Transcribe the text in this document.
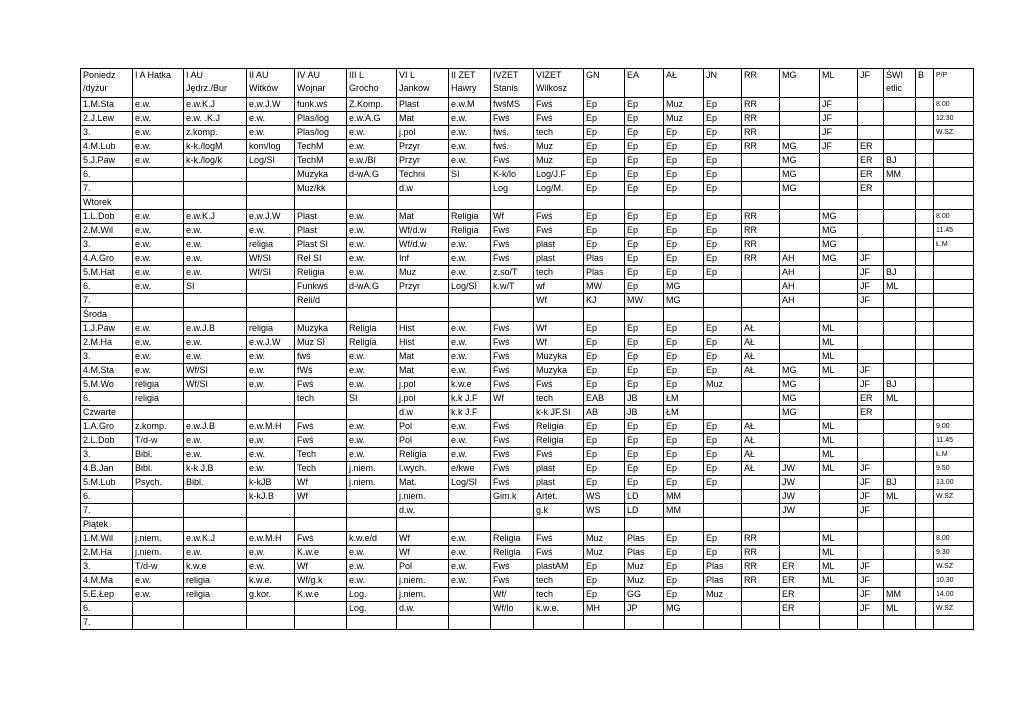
Poniedz /dyżur	I A Hatka	I AU Jędrz./Bur	II AU Witków	IV AU Wojnar	III L Grocho	VI L Jankow	II ZET Hawry	IVZET Stanis	VIZET Wilkosz	GN	EA	AŁ	JN	RR	MG	ML	JF	ŚWI etlic	B	P/P
1.M.Sta	e.w.	e.w.K.J	e.w.J.W	funk.wś	Z.Komp.	Plast	e.w.M	fwśMS	Fwś	Ep	Ep	Muz	Ep	RR		JF				8.00
2.J.Lew	e.w.	e.w. .K.J	e.w.	Plas/log	e.w.A.G	Mat	e.w.	Fwś	Fwś	Ep	Ep	Muz	Ep	RR		JF				12.30
3.	e.w.	z.komp.	e.w.	Plas/log	e.w.	j.pol	e.w.	fwś.	tech	Ep	Ep	Ep	Ep	RR		JF				W.SZ.
4.M.Lub	e.w.	k-k./logM	kom/log	TechM	e.w.	Przyr	e.w.	fwś.	Muz	Ep	Ep	Ep	Ep	RR	MG	JF	ER			
5.J.Paw	e.w.	k-k./log/k	Log/SI	TechM	e.w./BI	Przyr	e.w.	Fwś	Muz	Ep	Ep	Ep	Ep		MG		ER	BJ		
6.				Muzyka	d-wA.G	Techni	SI	K-k/lo	Log/J.F	Ep	Ep	Ep	Ep		MG		ER	MM		
7.				Muz/kk		d.w		Log	Log/M.	Ep	Ep	Ep	Ep		MG		ER			
Wtorek																				
1.L.Dob	e.w.	e.w.K.J	e.w.J.W	Plast	e.w.	Mat	Religia	Wf	Fwś	Ep	Ep	Ep	Ep	RR		MG				8.00
2.M.Wil	e.w.	e.w.	e.w.	Plast	e.w.	Wf/d.w	Religia	Fwś	Fwś	Ep	Ep	Ep	Ep	RR		MG				11.45
3.	e.w.	e.w.	religia	Plast SI	e.w.	Wf/d.w	e.w.	Fwś	plast	Ep	Ep	Ep	Ep	RR		MG				Ł.M
4.A.Gro	e.w.	e.w.	Wf/SI	Rel SI	e.w.	Inf	e.w.	Fwś	plast	Plas	Ep	Ep	Ep	RR	AH	MG	JF			
5.M.Hat	e.w.	e.w.	Wf/SI	Religia	e.w.	Muz	e.w.	z.so/T	tech	Plas	Ep	Ep	Ep		AH		JF	BJ		
6.	e.w.	SI		Funkwś	d-wA.G	Przyr	Log/SI	k.w/T	wf	MW	Ep	MG			AH		JF	ML		
7.				Reli/d					Wf	KJ	MW	MG			AH		JF			
Środa																				
1.J.Paw	e.w.	e.w.J.B	religia	Muzyka	Religia	Hist	e.w.	Fwś	Wf	Ep	Ep	Ep	Ep	AŁ		ML				
2.M.Ha	e.w.	e.w.	e.w.J.W	Muz SI	Religia	Hist	e.w.	Fwś	Wf	Ep	Ep	Ep	Ep	AŁ		ML				
3.	e.w.	e.w.	e.w.	fwś	e.w.	Mat	e.w.	Fwś	Muzyka	Ep	Ep	Ep	Ep	AŁ		ML				
4.M.Sta	e.w.	Wf/SI	e.w.	fWś	e.w.	Mat	e.w.	Fwś	Muzyka	Ep	Ep	Ep	Ep	AŁ	MG	ML	JF			
5.M.Wo	religia	Wf/SI	e.w.	Fwś	e.w.	j.pol	k.w.e	Fwś	Fwś	Ep	Ep	Ep	Muz		MG		JF	BJ		
6.	religia			tech	SI	j.pol	k.k J.F	Wf	tech	EAB	JB	ŁM			MG		ER	ML		
Czwarte						d.w	k.k J.F		k-k JF.SI	AB	JB	ŁM			MG		ER			
1.A.Gro	z.komp.	e.w.J.B	e.w.M.H	Fwś	e.w.	Pol	e.w.	Fwś	Religia	Ep	Ep	Ep	Ep	AŁ		ML				9.00
2.L.Dob	T/d-w	e.w.	e.w.	Fwś	e.w.	Pol	e.w.	Fwś	Religia	Ep	Ep	Ep	Ep	AŁ		ML				11.45
3.	Bibl.	e.w.	e.w.	Tech	e.w.	Religia	e.w.	Fwś	Fwś	Ep	Ep	Ep	Ep	AŁ		ML				Ł.M
4.B.Jan	Bibl.	k-k J.B	e.w.	Tech	j.niem.	l.wych.	e/kwe	Fwś	plast	Ep	Ep	Ep	Ep	AŁ	JW	ML	JF			9.50
5.M.Lub	Psych.	Bibl.	k-kJB	Wf	j.niem.	Mat.	Log/SI	Fwś	plast	Ep	Ep	Ep	Ep		JW		JF	BJ		13.00
6.			k-kJ.B	Wf		j.niem.		Gim.k	Artet.	WS	LD	MM			JW		JF	ML		W.SZ
7.						d.w.			g.k	WS	LD	MM			JW		JF			
Piątek																				
1.M.Wil	j.niem.	e.w.K.J	e.w.M.H	Fwś	k.w.e/d	Wf	e.w.	Religia	Fwś	Muz	Plas	Ep	Ep	RR		ML				8.00
2.M.Ha	j.niem.	e.w.	e.w.	K.w.e	e.w.	Wf	e.w.	Religia	Fwś	Muz	Plas	Ep	Ep	RR		ML				9.30
3.	T/d-w	k.w.e	e.w.	Wf	e.w.	Pol	e.w.	Fwś	plastAM	Ep	Muz	Ep	Plas	RR	ER	ML	JF			W.SZ
4.M.Ma	e.w.	religia	k.w.e.	Wf/g.k	e.w.	j.niem.	e.w.	Fwś	tech	Ep	Muz	Ep	Plas	RR	ER	ML	JF			10.30
5.E.Łep	e.w.	religia	g.kor.	K.w.e	Log.	j.niem.		Wf/	tech	Ep	GG	Ep	Muz		ER		JF	MM		14.00
6.					Log.	d.w.		Wf/lo	k.w.e.	MH	JP	MG			ER		JF	ML		W.SZ
7.																				
